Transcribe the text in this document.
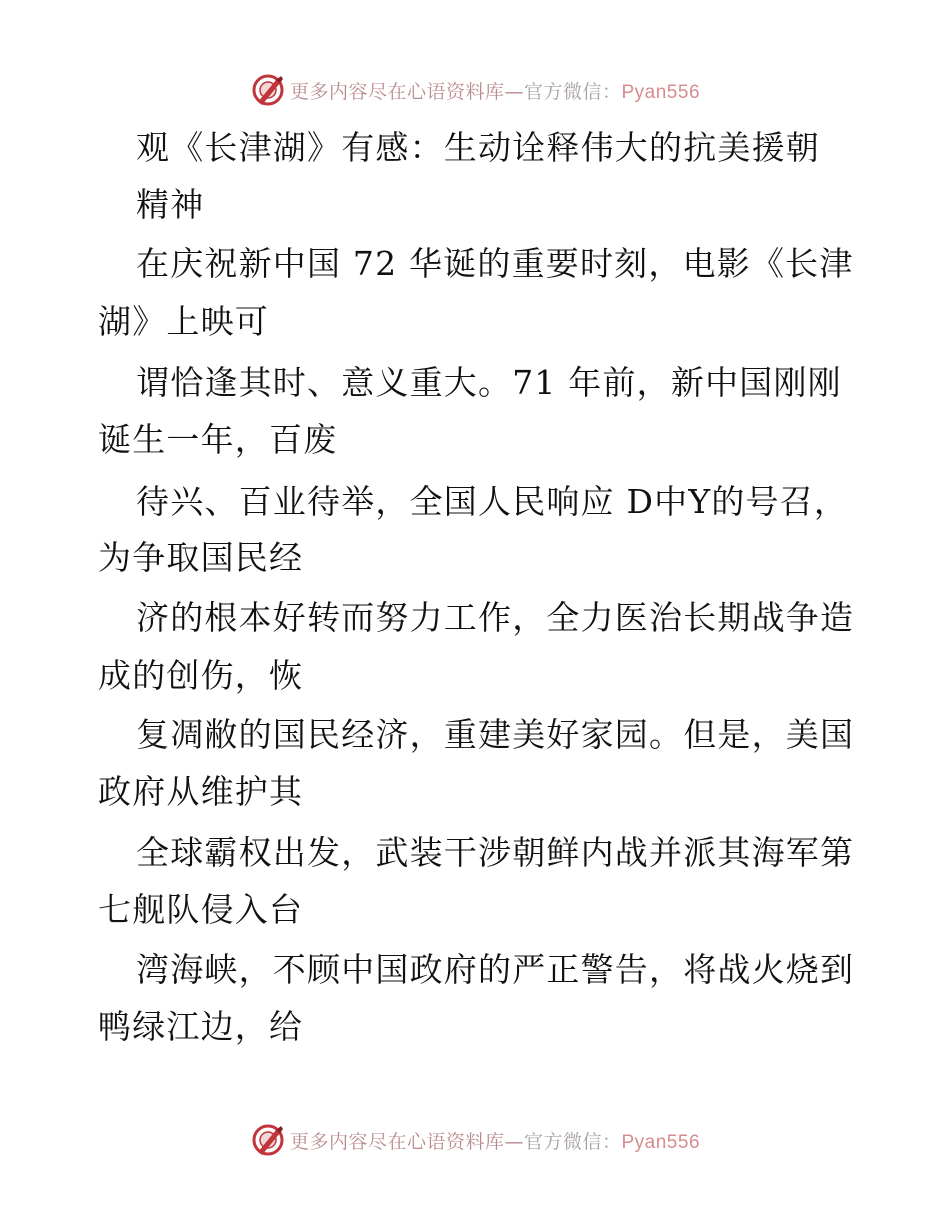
更多内容尽在心语资料库—官方微信：Pyan556
观《长津湖》有感：生动诠释伟大的抗美援朝
精神
在庆祝新中国 72 华诞的重要时刻，电影《长津
湖》上映可
谓恰逢其时、意义重大。71 年前，新中国刚刚
诞生一年，百废
待兴、百业待举，全国人民响应 D中Y的号召，
为争取国民经
济的根本好转而努力工作，全力医治长期战争造
成的创伤，恢
复凋敝的国民经济，重建美好家园。但是，美国
政府从维护其
全球霸权出发，武装干涉朝鲜内战并派其海军第
七舰队侵入台
湾海峡，不顾中国政府的严正警告，将战火烧到
鸭绿江边，给
更多内容尽在心语资料库—官方微信：Pyan556
